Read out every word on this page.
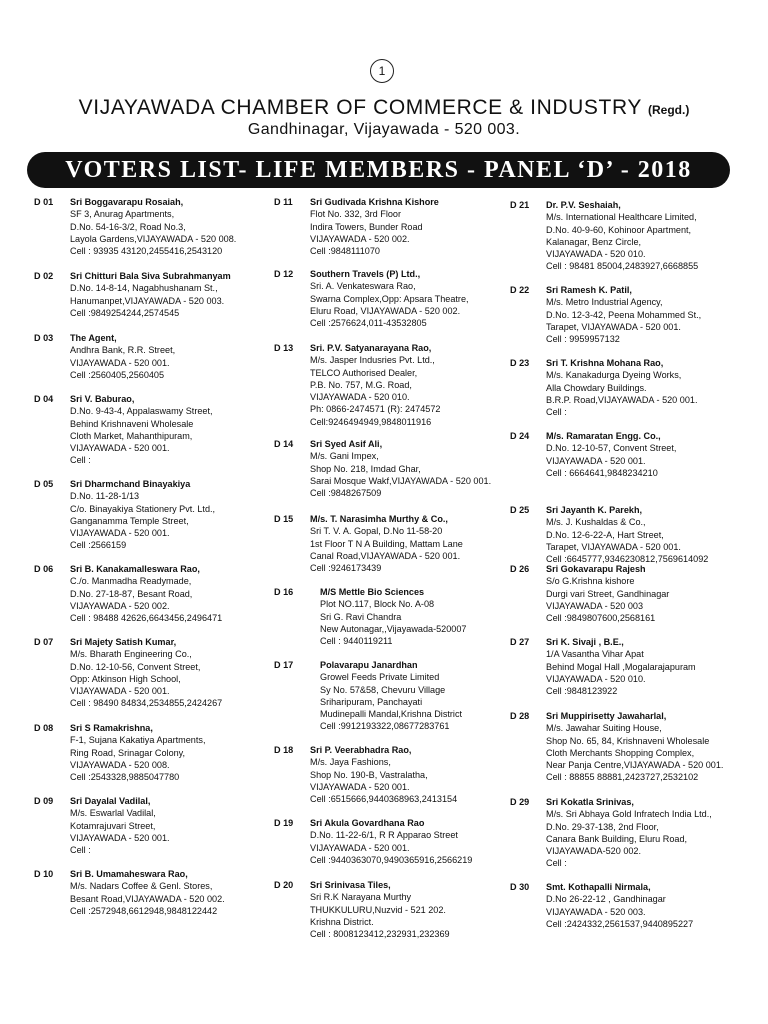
1
VIJAYAWADA CHAMBER OF COMMERCE & INDUSTRY (Regd.)
Gandhinagar, Vijayawada - 520 003.
VOTERS LIST- LIFE MEMBERS - PANEL ‘D’ - 2018
D 01 Sri Boggavarapu Rosaiah,
SF 3, Anurag Apartments,
D.No. 54-16-3/2, Road No.3,
Layola Gardens,VIJAYAWADA - 520 008.
Cell : 93935 43120,2455416,2543120
D 02 Sri Chitturi Bala Siva Subrahmanyam
D.No. 14-8-14, Nagabhushanam St.,
Hanumanpet,VIJAYAWADA - 520 003.
Cell :9849254244,2574545
D 03 The Agent,
Andhra Bank, R.R. Street,
VIJAYAWADA - 520 001.
Cell :2560405,2560405
D 04 Sri V. Baburao,
D.No. 9-43-4, Appalaswamy Street,
Behind Krishnaveni Wholesale
Cloth Market, Mahanthipuram,
VIJAYAWADA - 520 001.
Cell :
D 05 Sri Dharmchand Binayakiya
D.No. 11-28-1/13
C/o. Binayakiya Stationery Pvt. Ltd.,
Ganganamma Temple Street,
VIJAYAWADA - 520 001.
Cell :2566159
D 06 Sri B. Kanakamalleswara Rao,
C./o. Manmadha Readymade,
D.No. 27-18-87, Besant Road,
VIJAYAWADA - 520 002.
Cell : 98488 42626,6643456,2496471
D 07 Sri Majety Satish Kumar,
M/s. Bharath Engineering Co.,
D.No. 12-10-56, Convent Street,
Opp: Atkinson High School,
VIJAYAWADA - 520 001.
Cell : 98490 84834,2534855,2424267
D 08 Sri S Ramakrishna,
F-1, Sujana Kakatiya Apartments,
Ring Road, Srinagar Colony,
VIJAYAWADA - 520 008.
Cell :2543328,9885047780
D 09 Sri Dayalal Vadilal,
M/s. Eswarlal Vadilal,
Kotamrajuvari Street,
VIJAYAWADA - 520 001.
Cell :
D 10 Sri B. Umamaheswara Rao,
M/s. Nadars Coffee & Genl. Stores,
Besant Road,VIJAYAWADA - 520 002.
Cell :2572948,6612948,9848122442
D 11 Sri Gudivada Krishna Kishore
Flot No. 332, 3rd Floor
Indira Towers, Bunder Road
VIJAYAWADA - 520 002.
Cell :9848111070
D 12 Southern Travels (P) Ltd.,
Sri. A. Venkateswara Rao,
Swarna Complex,Opp: Apsara Theatre,
Eluru Road, VIJAYAWADA - 520 002.
Cell :2576624,011-43532805
D 13 Sri. P.V. Satyanarayana Rao,
M/s. Jasper Indusries Pvt. Ltd.,
TELCO Authorised Dealer,
P.B. No. 757, M.G. Road,
VIJAYAWADA - 520 010.
Ph: 0866-2474571 (R): 2474572
Cell:9246494949,9848011916
D 14 Sri Syed Asif Ali,
M/s. Gani Impex,
Shop No. 218, Imdad Ghar,
Sarai Mosque Wakf,VIJAYAWADA - 520 001.
Cell :9848267509
D 15 M/s. T. Narasimha Murthy & Co.,
Sri T. V. A. Gopal, D.No 11-58-20
1st Floor T N A Building, Mattam Lane
Canal Road,VIJAYAWADA - 520 001.
Cell :9246173439
D 16	M/S Mettle Bio Sciences
Plot NO.117, Block No. A-08
Sri G. Ravi Chandra
New Autonagar,,Vijayawada-520007
Cell : 9440119211
D 17	Polavarapu Janardhan
Growel Feeds Private Limited
Sy No. 57&58, Chevuru Village
Sriharipuram, Panchayati
Mudinepalli Mandal,Krishna District
Cell :9912193322,08677283761
D 18 Sri P. Veerabhadra Rao,
M/s. Jaya Fashions,
Shop No. 190-B, Vastralatha,
VIJAYAWADA - 520 001.
Cell :6515666,9440368963,2413154
D 19 Sri Akula Govardhana Rao
D.No. 11-22-6/1, R R Apparao Street
VIJAYAWADA - 520 001.
Cell :9440363070,9490365916,2566219
D 20 Sri Srinivasa Tiles,
Sri R.K Narayana Murthy
THUKKULURU,Nuzvid - 521 202.
Krishna District.
Cell : 8008123412,232931,232369
D 21 Dr. P.V. Seshaiah,
M/s. International Healthcare Limited,
D.No. 40-9-60, Kohinoor Apartment,
Kalanagar, Benz Circle,
VIJAYAWADA - 520 010.
Cell : 98481 85004,2483927,6668855
D 22 Sri Ramesh K. Patil,
M/s. Metro Industrial Agency,
D.No. 12-3-42, Peena Mohammed St.,
Tarapet, VIJAYAWADA - 520 001.
Cell : 9959957132
D 23 Sri T. Krishna Mohana Rao,
M/s. Kanakadurga Dyeing Works,
Alla Chowdary Buildings.
B.R.P. Road,VIJAYAWADA - 520 001.
Cell :
D 24 M/s. Ramaratan Engg. Co.,
D.No. 12-10-57, Convent Street,
VIJAYAWADA - 520 001.
Cell : 6664641,9848234210
D 25 Sri Jayanth K. Parekh,
M/s. J. Kushaldas & Co.,
D.No. 12-6-22-A, Hart Street,
Tarapet, VIJAYAWADA - 520 001.
Cell :6645777,9346230812,7569614092
D 26 Sri Gokavarapu Rajesh
S/o G.Krishna kishore
Durgi vari Street, Gandhinagar
VIJAYAWADA - 520 003
Cell :9849807600,2568161
D 27 Sri K. Sivaji , B.E.,
1/A Vasantha Vihar Apat
Behind Mogal Hall ,Mogalarajapuram
VIJAYAWADA - 520 010.
Cell :9848123922
D 28 Sri Muppirisetty Jawaharlal,
M/s. Jawahar Suiting House,
Shop No. 65, 84, Krishnaveni Wholesale
Cloth Merchants Shopping Complex,
Near Panja Centre,VIJAYAWADA - 520 001.
Cell : 88855 88881,2423727,2532102
D 29 Sri Kokatla Srinivas,
M/s. Sri Abhaya Gold Infratech India Ltd.,
D.No. 29-37-138, 2nd Floor,
Canara Bank Building, Eluru Road,
VIJAYAWADA-520 002.
Cell :
D 30 Smt. Kothapalli Nirmala,
D.No 26-22-12 , Gandhinagar
VIJAYAWADA - 520 003.
Cell :2424332,2561537,9440895227
